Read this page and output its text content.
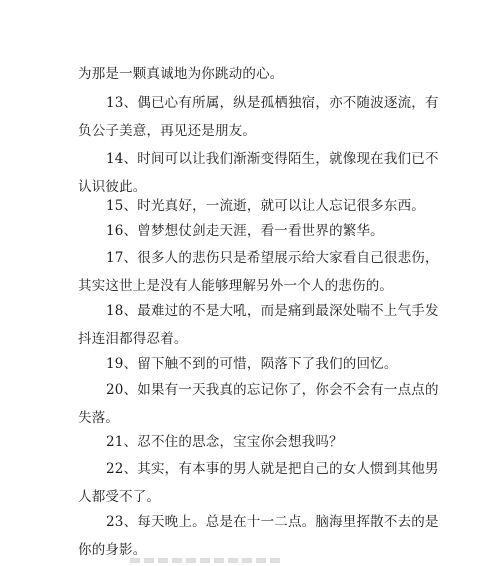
为那是一颗真诚地为你跳动的心。

13、偶已心有所属，纵是孤栖独宿，亦不随波逐流，有
负公子美意，再见还是朋友。

14、时间可以让我们渐渐变得陌生，就像现在我们已不
认识彼此。

15、时光真好，一流逝，就可以让人忘记很多东西。

16、曾梦想仗剑走天涯，看一看世界的繁华。

17、很多人的悲伤只是希望展示给大家看自己很悲伤，
其实这世上是没有人能够理解另外一个人的悲伤的。

18、最难过的不是大吼，而是痛到最深处喘不上气手发
抖连泪都得忍着。

19、留下触不到的可惜，陨落下了我们的回忆。

20、如果有一天我真的忘记你了，你会不会有一点点的
失落。

21、忍不住的思念，宝宝你会想我吗？

22、其实，有本事的男人就是把自己的女人惯到其他男
人都受不了。

23、每天晚上。总是在十一二点。脑海里挥散不去的是
你的身影。
